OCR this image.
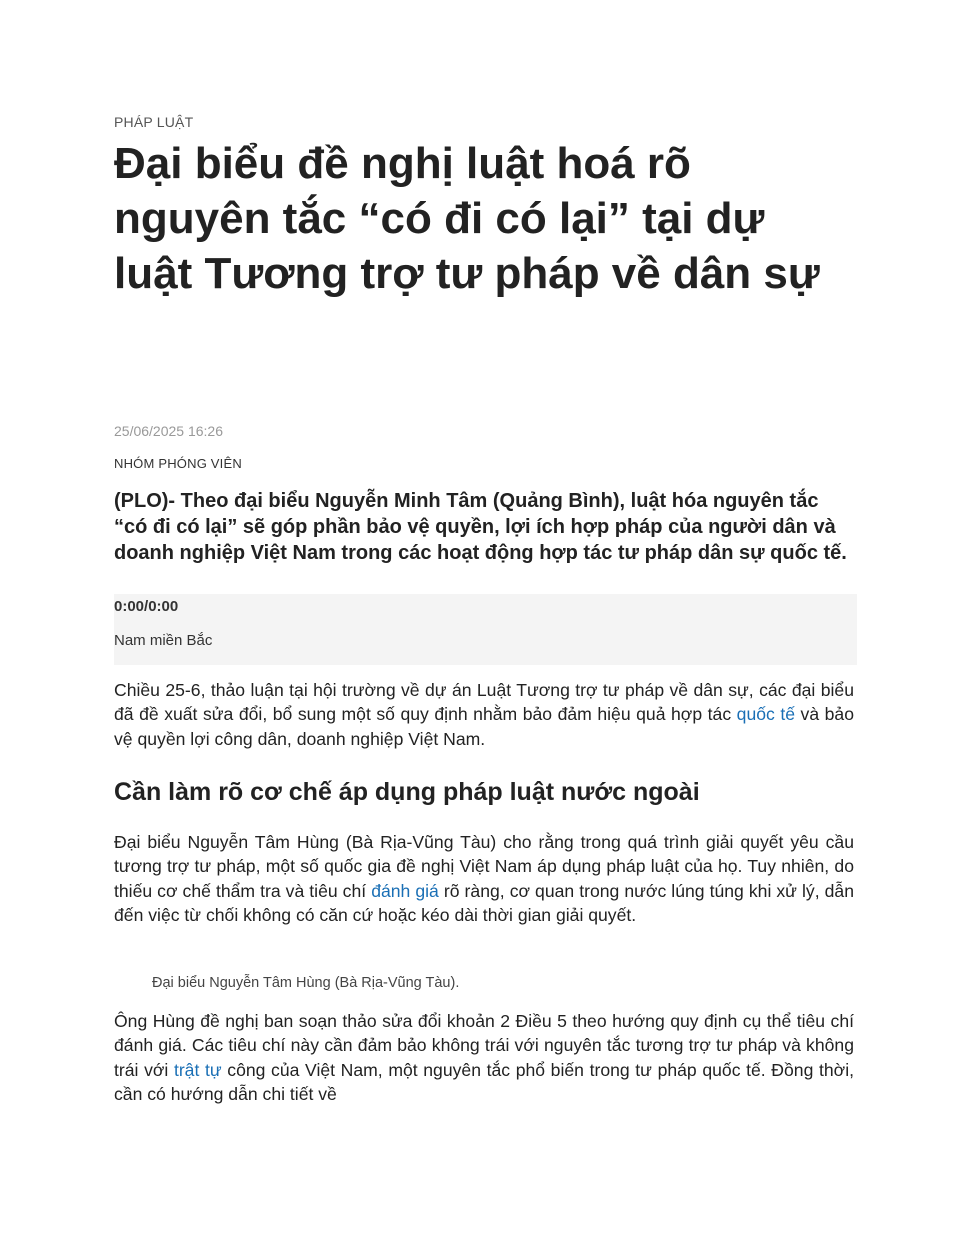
PHÁP LUẬT
Đại biểu đề nghị luật hoá rõ nguyên tắc “có đi có lại” tại dự luật Tương trợ tư pháp về dân sự
25/06/2025 16:26
NHÓM PHÓNG VIÊN

(PLO)- Theo đại biểu Nguyễn Minh Tâm (Quảng Bình), luật hóa nguyên tắc “có đi có lại” sẽ góp phần bảo vệ quyền, lợi ích hợp pháp của người dân và doanh nghiệp Việt Nam trong các hoạt động hợp tác tư pháp dân sự quốc tế.

0:00/0:00
Nam miền Bắc

Chiều 25-6, thảo luận tại hội trường về dự án Luật Tương trợ tư pháp về dân sự, các đại biểu đã đề xuất sửa đổi, bổ sung một số quy định nhằm bảo đảm hiệu quả hợp tác quốc tế và bảo vệ quyền lợi công dân, doanh nghiệp Việt Nam.

Cần làm rõ cơ chế áp dụng pháp luật nước ngoài

Đại biểu Nguyễn Tâm Hùng (Bà Rịa-Vũng Tàu) cho rằng trong quá trình giải quyết yêu cầu tương trợ tư pháp, một số quốc gia đề nghị Việt Nam áp dụng pháp luật của họ. Tuy nhiên, do thiếu cơ chế thẩm tra và tiêu chí đánh giá rõ ràng, cơ quan trong nước lúng túng khi xử lý, dẫn đến việc từ chối không có căn cứ hoặc kéo dài thời gian giải quyết.

Đại biểu Nguyễn Tâm Hùng (Bà Rịa-Vũng Tàu).

Ông Hùng đề nghị ban soạn thảo sửa đổi khoản 2 Điều 5 theo hướng quy định cụ thể tiêu chí đánh giá. Các tiêu chí này cần đảm bảo không trái với nguyên tắc tương trợ tư pháp và không trái với trật tự công của Việt Nam, một nguyên tắc phổ biến trong tư pháp quốc tế. Đồng thời, cần có hướng dẫn chi tiết về
